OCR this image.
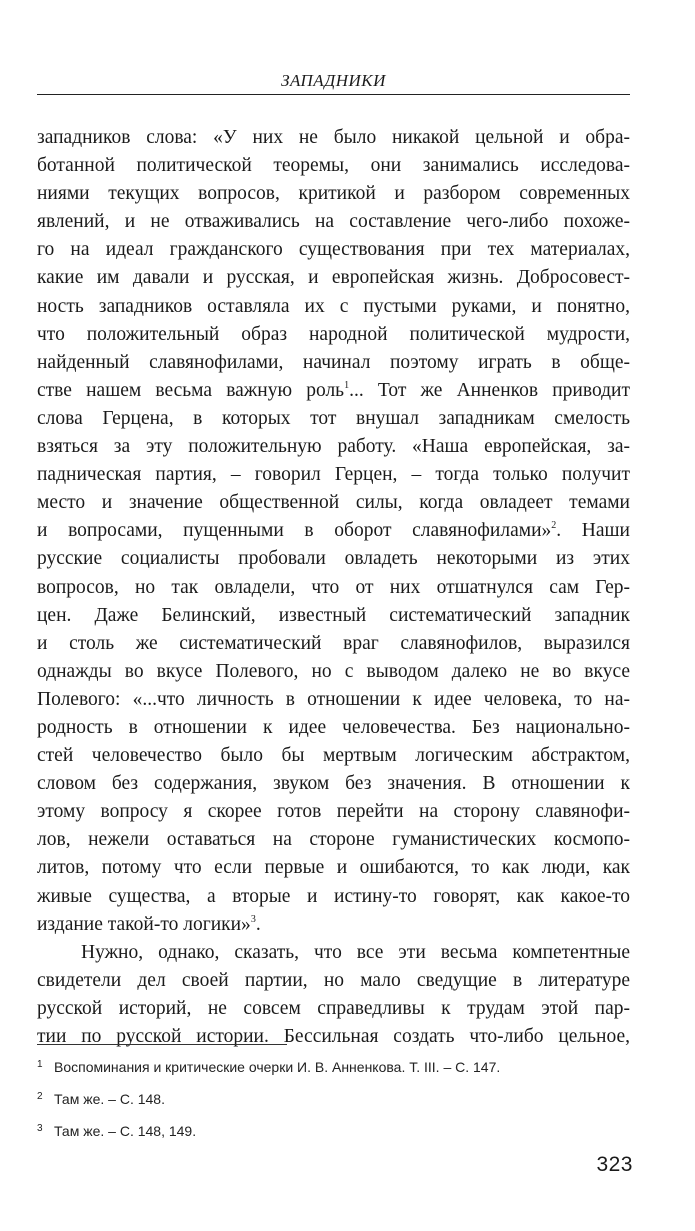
ЗАПАДНИКИ
западников слова: «У них не было никакой цельной и обра-
ботанной политической теоремы, они занимались исследова-
ниями текущих вопросов, критикой и разбором современных
явлений, и не отваживались на составление чего-либо похоже-
го на идеал гражданского существования при тех материалах,
какие им давали и русская, и европейская жизнь. Добросовест-
ность западников оставляла их с пустыми руками, и понятно,
что положительный образ народной политической мудрости,
найденный славянофилами, начинал поэтому играть в обще-
стве нашем весьма важную роль$^1$... Тот же Анненков приводит
слова Герцена, в которых тот внушал западникам смелость
взяться за эту положительную работу. «Наша европейская, за-
падническая партия, – говорил Герцен, – тогда только получит
место и значение общественной силы, когда овладеет темами
и вопросами, пущенными в оборот славянофилами»$^2$. Наши
русские социалисты пробовали овладеть некоторыми из этих
вопросов, но так овладели, что от них отшатнулся сам Гер-
цен. Даже Белинский, известный систематический западник
и столь же систематический враг славянофилов, выразился
однажды во вкусе Полевого, но с выводом далеко не во вкусе
Полевого: «...что личность в отношении к идее человека, то на-
родность в отношении к идее человечества. Без национально-
стей человечество было бы мертвым логическим абстрактом,
словом без содержания, звуком без значения. В отношении к
этому вопросу я скорее готов перейти на сторону славянофи-
лов, нежели оставаться на стороне гуманистических космопо-
литов, потому что если первые и ошибаются, то как люди, как
живые существа, а вторые и истину-то говорят, как какое-то
издание такой-то логики»$^3$.
Нужно, однако, сказать, что все эти весьма компетентные
свидетели дел своей партии, но мало сведущие в литературе
русской историй, не совсем справедливы к трудам этой пар-
тии по русской истории. Бессильная создать что-либо цельное,
1 Воспоминания и критические очерки И. В. Анненкова. Т. III. – С. 147.
2 Там же. – С. 148.
3 Там же. – С. 148, 149.
323
